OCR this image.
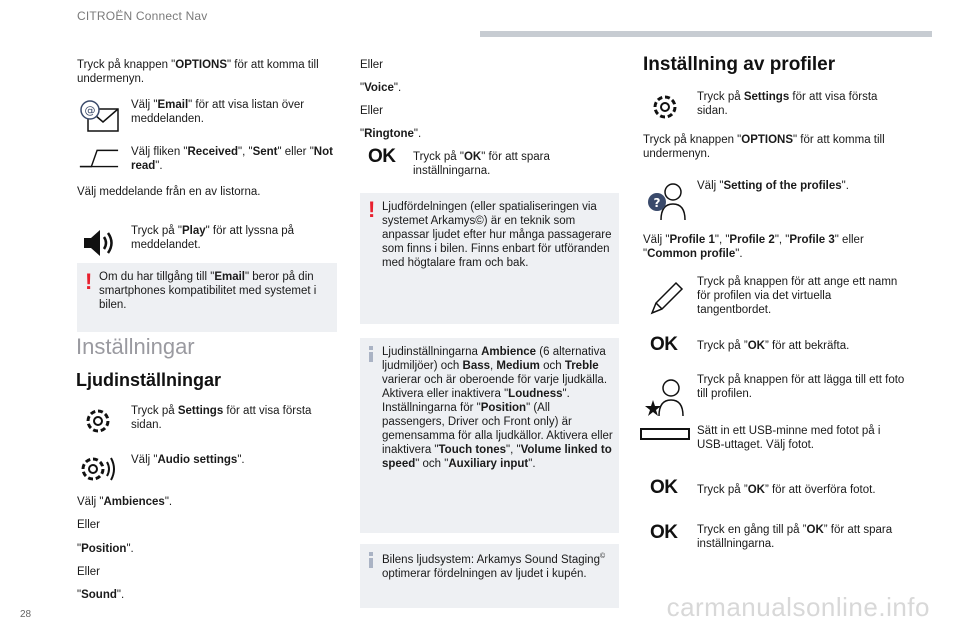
CITROËN Connect Nav
Tryck på knappen "OPTIONS" för att komma till undermenyn.
@	Välj "Email" för att visa listan över meddelanden.
Välj fliken "Received", "Sent" eller "Not read".
Välj meddelande från en av listorna.
Tryck på "Play" för att lyssna på meddelandet.
! Om du har tillgång till "Email" beror på din smartphones kompatibilitet med systemet i bilen.
Inställningar
Ljudinställningar
Tryck på Settings för att visa första sidan.
Välj "Audio settings".
Välj "Ambiences".
Eller
"Position".
Eller
"Sound".
Eller
"Voice".
Eller
"Ringtone".
OK Tryck på "OK" för att spara inställningarna.
! Ljudfördelningen (eller spatialiseringen via systemet Arkamys©) är en teknik som anpassar ljudet efter hur många passagerare som finns i bilen. Finns enbart för utföranden med högtalare fram och bak.
Ljudinställningarna Ambience (6 alternativa ljudmiljöer) och Bass, Medium och Treble varierar och är oberoende för varje ljudkälla. Aktivera eller inaktivera "Loudness". Inställningarna för "Position" (All passengers, Driver och Front only) är gemensamma för alla ljudkällor. Aktivera eller inaktivera "Touch tones", "Volume linked to speed" och "Auxiliary input".
Bilens ljudsystem: Arkamys Sound Staging© optimerar fördelningen av ljudet i kupén.
Inställning av profiler
Tryck på Settings för att visa första sidan.
Tryck på knappen "OPTIONS" för att komma till undermenyn.
?
Välj "Setting of the profiles".
Välj "Profile 1", "Profile 2", "Profile 3" eller "Common profile".
Tryck på knappen för att ange ett namn för profilen via det virtuella tangentbordet.
OK Tryck på ”OK” för att bekräfta.
Tryck på knappen för att lägga till ett foto till profilen.
Sätt in ett USB-minne med fotot på i USB-uttaget. Välj fotot.
OK Tryck på ”OK” för att överföra fotot.
OK Tryck en gång till på ”OK” för att spara inställningarna.
28	carmanualsonline.info
